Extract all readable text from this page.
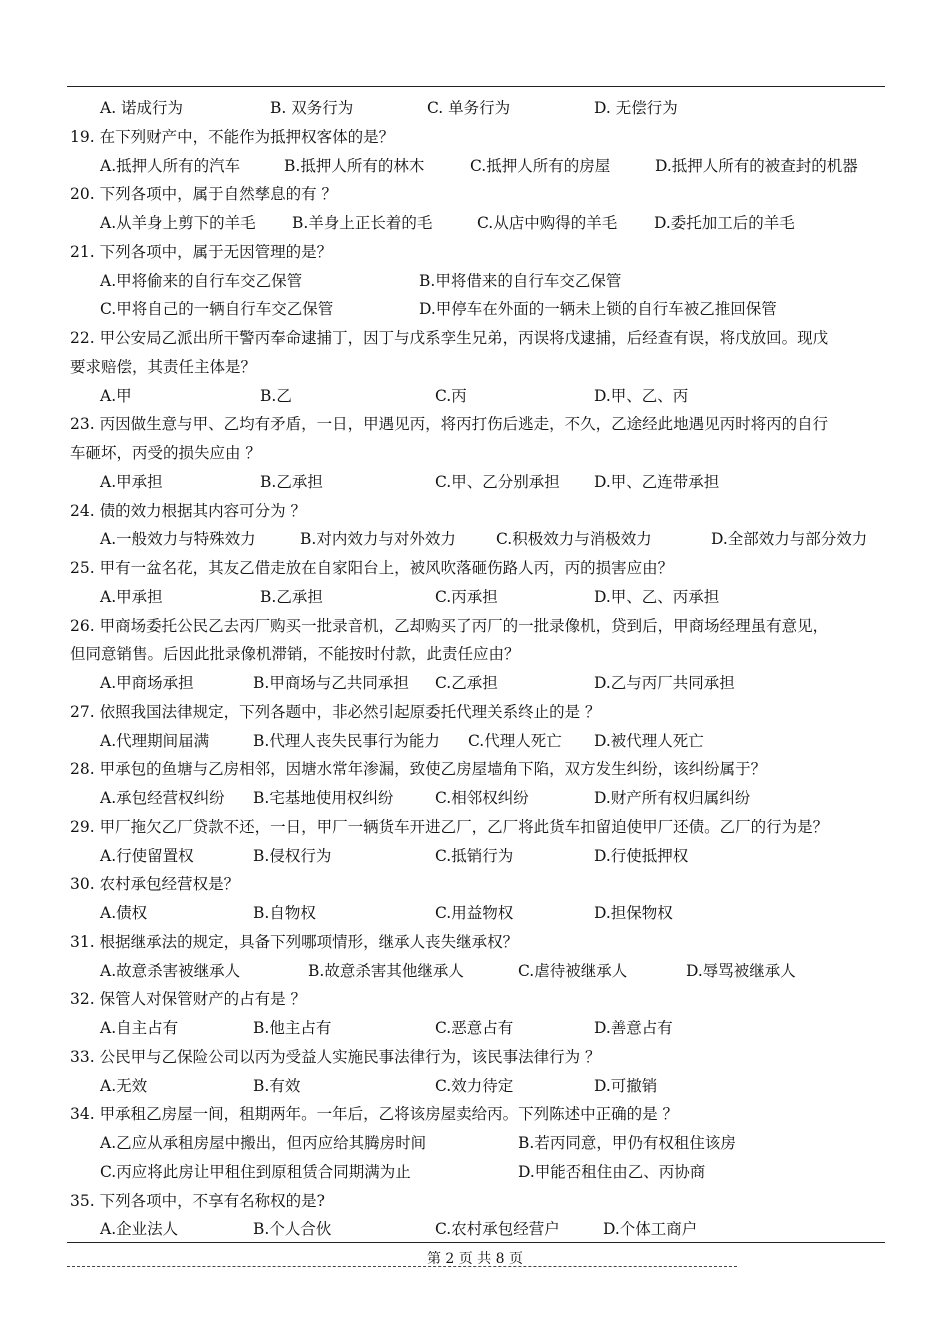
A. 诺成行为	B. 双务行为	C. 单务行为	D. 无偿行为
19. 在下列财产中，不能作为抵押权客体的是？
A.抵押人所有的汽车	B.抵押人所有的林木	C.抵押人所有的房屋	D.抵押人所有的被查封的机器
20. 下列各项中，属于自然孳息的有 ？
A.从羊身上剪下的羊毛 B.羊身上正长着的毛	C.从店中购得的羊毛 D.委托加工后的羊毛
21. 下列各项中，属于无因管理的是？
A.甲将偷来的自行车交乙保管	B.甲将借来的自行车交乙保管
C.甲将自己的一辆自行车交乙保管	D.甲停车在外面的一辆未上锁的自行车被乙推回保管
22. 甲公安局乙派出所干警丙奉命逮捕丁，因丁与戊系孪生兄弟，丙误将戊逮捕，后经查有误，将戊放回。现戊
要求赔偿，其责任主体是？
A.甲	B.乙	C.丙	D.甲、乙、丙
23. 丙因做生意与甲、乙均有矛盾，一日，甲遇见丙，将丙打伤后逃走，不久，乙途经此地遇见丙时将丙的自行
车砸坏，丙受的损失应由 ？
A.甲承担	B.乙承担	C.甲、乙分别承担 D.甲、乙连带承担
24. 债的效力根据其内容可分为 ？
A.一般效力与特殊效力	B.对内效力与对外效力	C.积极效力与消极效力	D.全部效力与部分效力
25. 甲有一盆名花，其友乙借走放在自家阳台上，被风吹落砸伤路人丙，丙的损害应由？
A.甲承担	B.乙承担	C.丙承担	D.甲、乙、丙承担
26. 甲商场委托公民乙去丙厂购买一批录音机，乙却购买了丙厂的一批录像机，贷到后，甲商场经理虽有意见，
但同意销售。后因此批录像机滞销，不能按时付款，此责任应由？
A.甲商场承担	B.甲商场与乙共同承担 C.乙承担	D.乙与丙厂共同承担
27. 依照我国法律规定，下列各题中，非必然引起原委托代理关系终止的是 ？
A.代理期间届满	B.代理人丧失民事行为能力 C.代理人死亡 D.被代理人死亡
28. 甲承包的鱼塘与乙房相邻，因塘水常年渗漏，致使乙房屋墙角下陷，双方发生纠纷，该纠纷属于？
A.承包经营权纠纷 B.宅基地使用权纠纷	C.相邻权纠纷	D.财产所有权归属纠纷
29. 甲厂拖欠乙厂贷款不还，一日，甲厂一辆货车开进乙厂，乙厂将此货车扣留迫使甲厂还债。乙厂的行为是？
A.行使留置权	B.侵权行为	C.抵销行为	D.行使抵押权
30. 农村承包经营权是？
A.债权	B.自物权	C.用益物权	D.担保物权
31. 根据继承法的规定，具备下列哪项情形，继承人丧失继承权？
A.故意杀害被继承人	B.故意杀害其他继承人	C.虐待被继承人	D.辱骂被继承人
32. 保管人对保管财产的占有是 ？
A.自主占有	B.他主占有	C.恶意占有	D.善意占有
33. 公民甲与乙保险公司以丙为受益人实施民事法律行为，该民事法律行为 ？
A.无效	B.有效	C.效力待定	D.可撤销
34. 甲承租乙房屋一间，租期两年。一年后，乙将该房屋卖给丙。下列陈述中正确的是 ？
A.乙应从承租房屋中搬出，但丙应给其腾房时间	B.若丙同意，甲仍有权租住该房
C.丙应将此房让甲租住到原租赁合同期满为止	D.甲能否租住由乙、丙协商
35. 下列各项中，不享有名称权的是?
A.企业法人	B.个人合伙	C.农村承包经营户	D.个体工商户
第 2 页 共 8 页
